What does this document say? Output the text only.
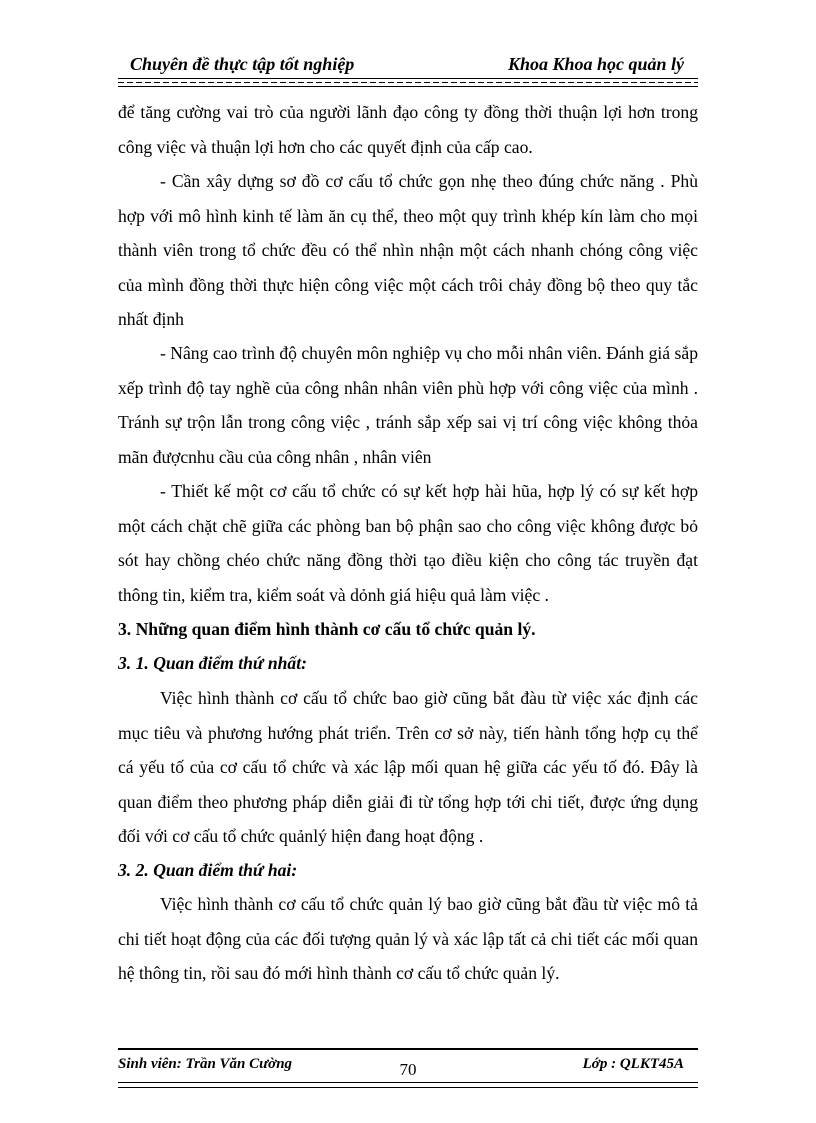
Chuyên đề thực tập tốt nghiệp	Khoa Khoa học quản lý
để tăng cường vai trò của người lãnh đạo công ty đồng thời thuận lợi hơn trong công việc và thuận lợi hơn cho các quyết định của cấp cao.
- Cần xây dựng sơ đồ cơ cấu tổ chức gọn nhẹ theo đúng chức năng . Phù hợp với mô hình kinh tế làm ăn cụ thể, theo một quy trình khép kín làm cho mọi thành viên trong tổ chức đều có thể nhìn nhận một cách nhanh chóng công việc của mình đồng thời thực hiện công việc một cách trôi chảy đồng bộ theo quy tắc nhất định
- Nâng cao trình độ chuyên môn nghiệp vụ cho mỗi nhân viên. Đánh giá sắp xếp trình độ tay nghề của công nhân nhân viên phù hợp với công việc của mình . Tránh sự trộn lẫn trong công việc , tránh sắp xếp sai vị trí công việc không thỏa mãn đượcnhu cầu của công nhân , nhân viên
- Thiết kế một cơ cấu tổ chức có sự kết hợp hài hũa, hợp lý có sự kết hợp một cách chặt chẽ giữa các phòng ban bộ phận sao cho công việc không được bỏ sót hay chồng chéo chức năng đồng thời tạo điều kiện cho công tác truyền đạt thông tin, kiểm tra, kiểm soát và dỏnh giá hiệu quả làm việc .
3. Những quan điểm hình thành cơ cấu tổ chức quản lý.
3. 1. Quan điểm thứ nhất:
Việc hình thành cơ cấu tổ chức bao giờ cũng bắt đàu từ việc xác định các mục tiêu và phương hướng phát triển. Trên cơ sở này, tiến hành tổng hợp cụ thể cá yếu tố của cơ cấu tổ chức và xác lập mối quan hệ giữa các yếu tố đó. Đây là quan điểm theo phương pháp diễn giải đi từ tổng hợp tới chi tiết, được ứng dụng đối với cơ cấu tổ chức quảnlý hiện đang hoạt động .
3. 2. Quan điểm thứ hai:
Việc hình thành cơ cấu tổ chức quản lý bao giờ cũng bắt đầu từ việc mô tả chi tiết hoạt động của các đối tượng quản lý và xác lập tất cả chi tiết các mối quan hệ thông tin, rồi sau đó mới hình thành cơ cấu tổ chức quản lý.
Sinh viên: Trần Văn Cường	70	Lớp : QLKT45A
